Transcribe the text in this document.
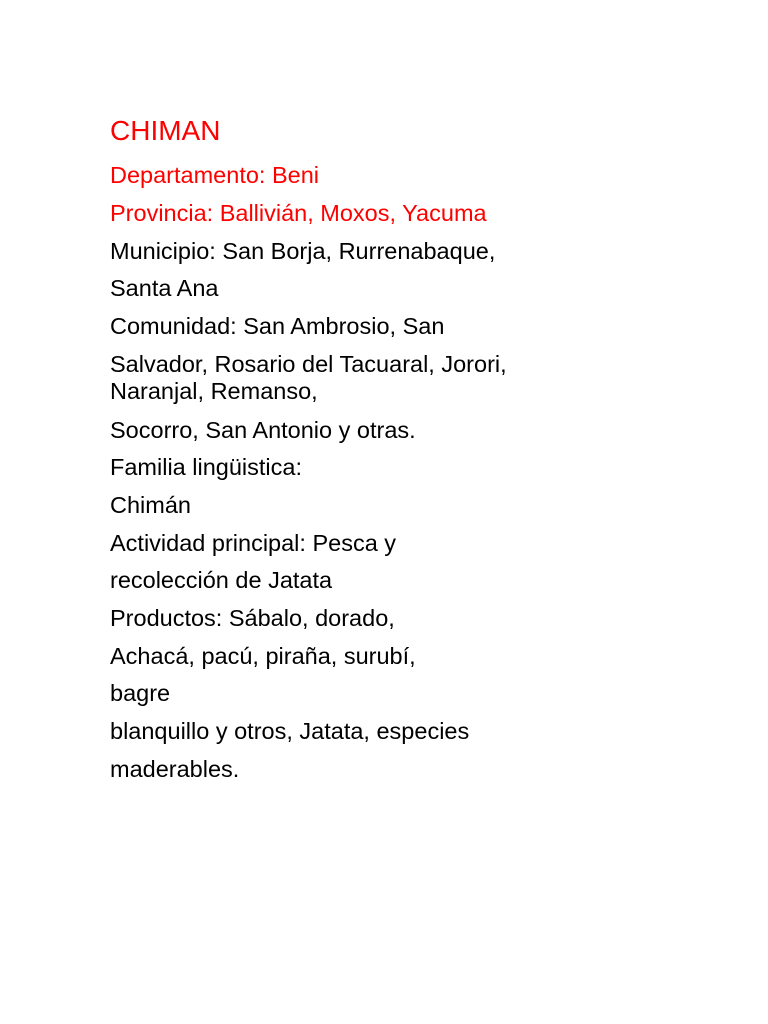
CHIMAN
Departamento: Beni
Provincia: Ballivián, Moxos, Yacuma
Municipio: San Borja, Rurrenabaque,
Santa Ana
Comunidad: San Ambrosio, San
Salvador, Rosario del Tacuaral, Jorori,
Naranjal, Remanso,
Socorro, San Antonio y otras.
Familia lingüistica:
Chimán
Actividad principal: Pesca y
recolección de Jatata
Productos: Sábalo, dorado,
Achacá, pacú, piraña, surubí,
bagre
blanquillo y otros, Jatata, especies
maderables.
